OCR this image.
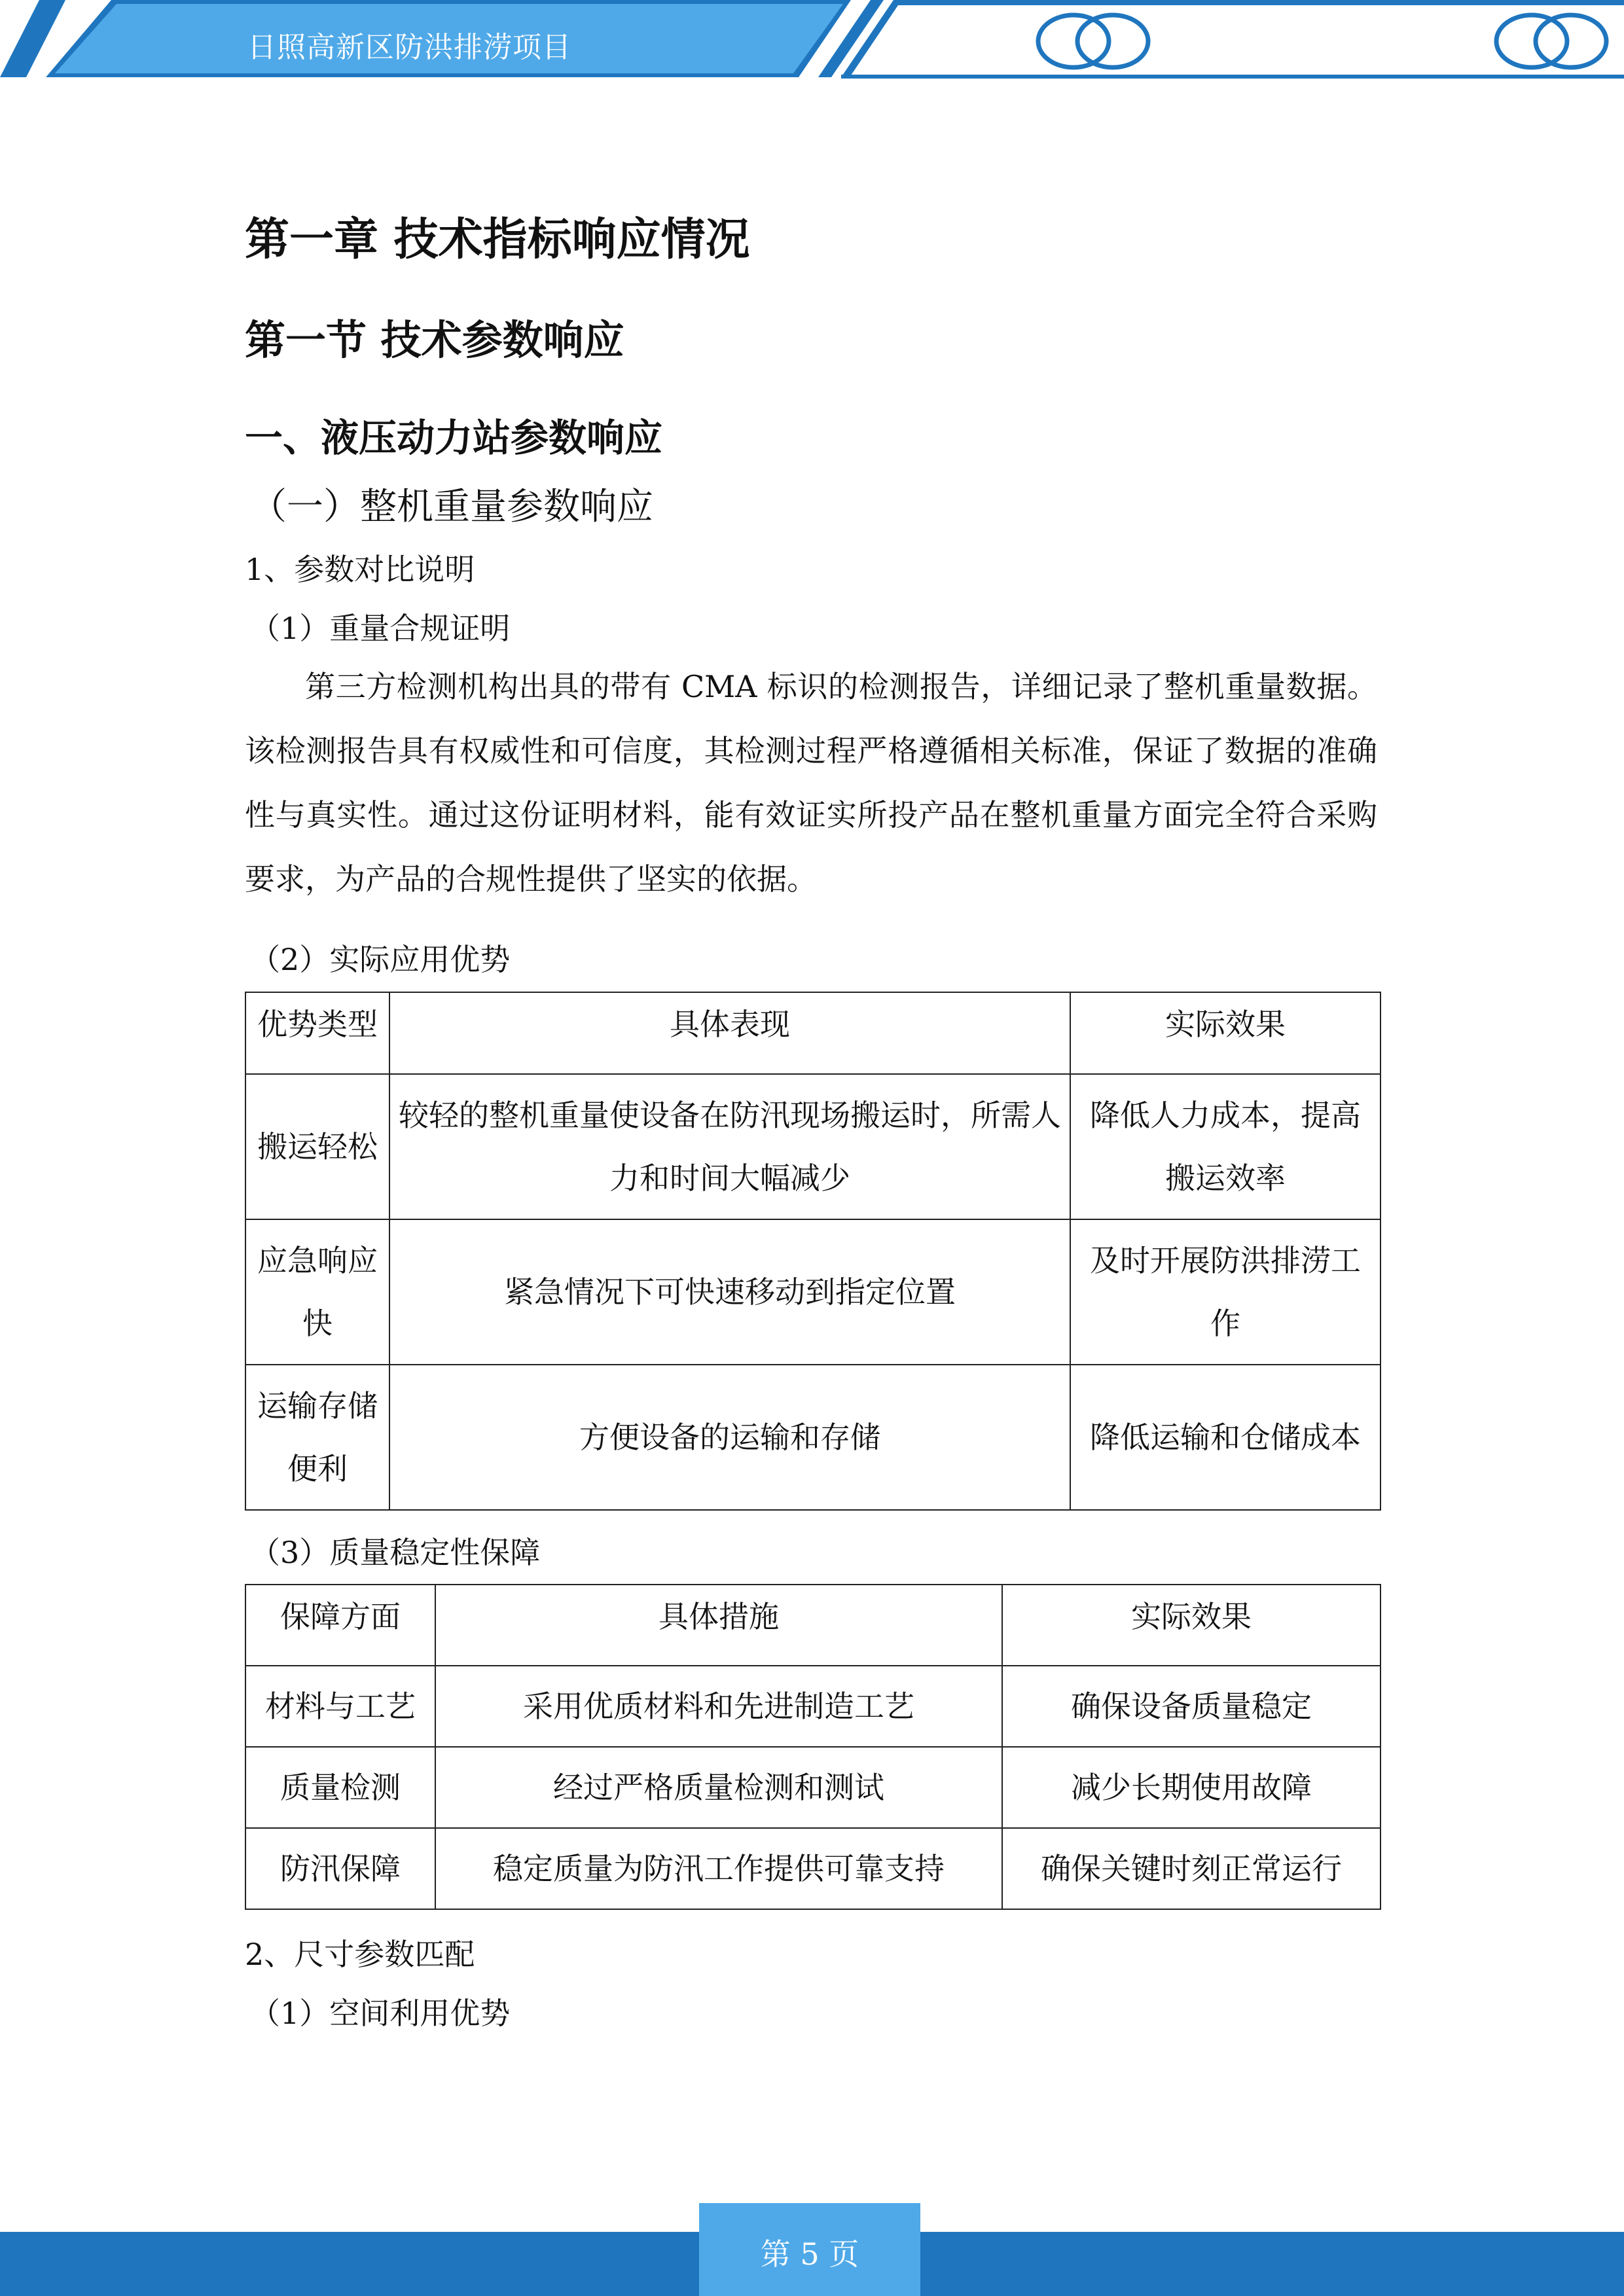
日照高新区防洪排涝项目
第一章 技术指标响应情况
第一节 技术参数响应
一、液压动力站参数响应
（一）整机重量参数响应
1、参数对比说明
（1）重量合规证明
第三方检测机构出具的带有 CMA 标识的检测报告，详细记录了整机重量数据。该检测报告具有权威性和可信度，其检测过程严格遵循相关标准，保证了数据的准确性与真实性。通过这份证明材料，能有效证实所投产品在整机重量方面完全符合采购要求，为产品的合规性提供了坚实的依据。
（2）实际应用优势
优势类型	具体表现	实际效果
搬运轻松	较轻的整机重量使设备在防汛现场搬运时，所需人力和时间大幅减少	降低人力成本，提高搬运效率
应急响应快	紧急情况下可快速移动到指定位置	及时开展防洪排涝工作
运输存储便利	方便设备的运输和存储	降低运输和仓储成本
（3）质量稳定性保障
保障方面	具体措施	实际效果
材料与工艺	采用优质材料和先进制造工艺	确保设备质量稳定
质量检测	经过严格质量检测和测试	减少长期使用故障
防汛保障	稳定质量为防汛工作提供可靠支持	确保关键时刻正常运行
2、尺寸参数匹配
（1）空间利用优势
第 5 页
